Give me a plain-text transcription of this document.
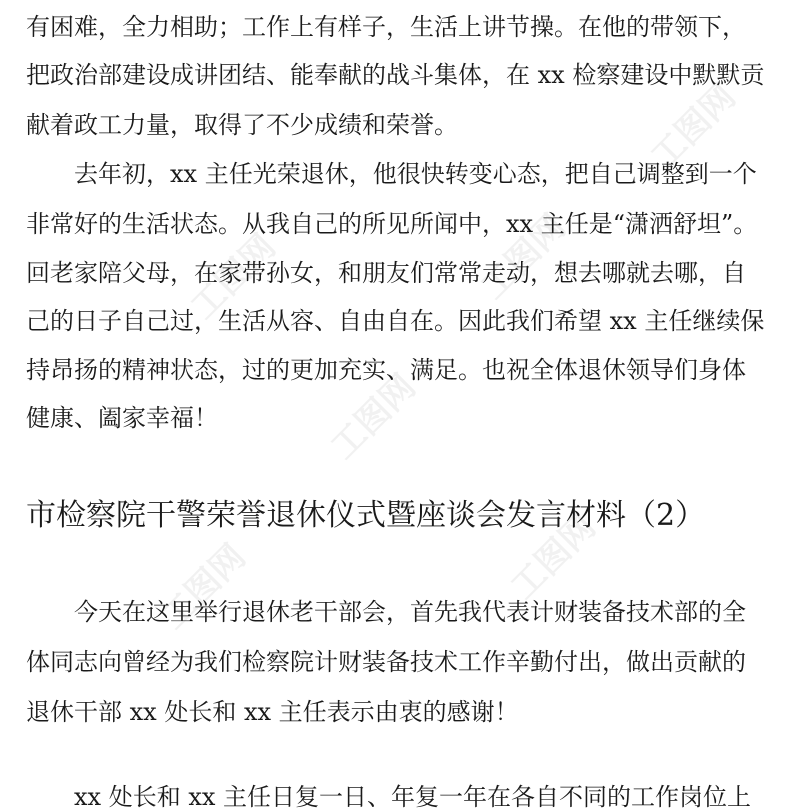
工图网	工图网
工图网
工图网	工图网
工图网
有困难，全力相助；工作上有样子，生活上讲节操。在他的带领下，
把政治部建设成讲团结、能奉献的战斗集体，在 xx 检察建设中默默贡
献着政工力量，取得了不少成绩和荣誉。
　　去年初，xx 主任光荣退休，他很快转变心态，把自己调整到一个
非常好的生活状态。从我自己的所见所闻中，xx 主任是“潇洒舒坦”。
回老家陪父母，在家带孙女，和朋友们常常走动，想去哪就去哪，自
己的日子自己过，生活从容、自由自在。因此我们希望 xx 主任继续保
持昂扬的精神状态，过的更加充实、满足。也祝全体退休领导们身体
健康、阖家幸福！
市检察院干警荣誉退休仪式暨座谈会发言材料（2）
　　今天在这里举行退休老干部会，首先我代表计财装备技术部的全
体同志向曾经为我们检察院计财装备技术工作辛勤付出，做出贡献的
退休干部 xx 处长和 xx 主任表示由衷的感谢！
　　xx 处长和 xx 主任日复一日、年复一年在各自不同的工作岗位上
